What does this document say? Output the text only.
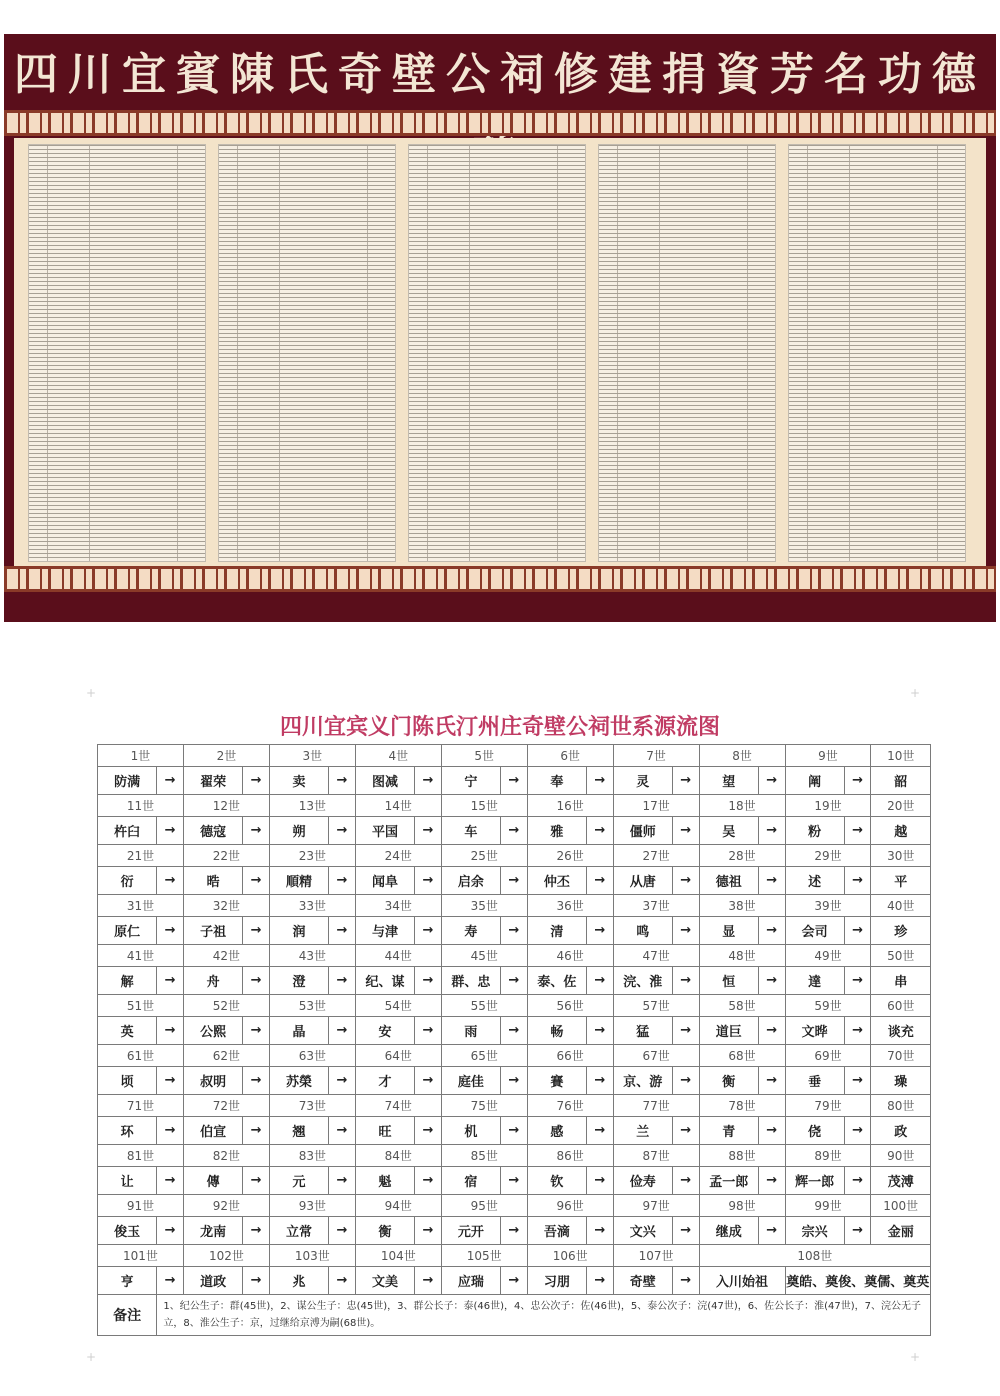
四川宜賓陳氏奇壁公祠修建捐資芳名功德
+	+
+	+
四川宜宾义门陈氏汀州庄奇壁公祠世系源流图
1世		2世		3世		4世		5世		6世		7世		8世		9世		10世
防满	→	翟荣	→	卖	→	图减	→	宁	→	奉	→	灵	→	望	→	阐	→	韶
11世		12世		13世		14世		15世		16世		17世		18世		19世		20世
杵臼	→	德寇	→	朔	→	平国	→	车	→	雅	→	僵师	→	吴	→	粉	→	越
21世		22世		23世		24世		25世		26世		27世		28世		29世		30世
衍	→	晧	→	順精	→	闻阜	→	启余	→	仲丕	→	从唐	→	德祖	→	述	→	平
31世		32世		33世		34世		35世		36世		37世		38世		39世		40世
原仁	→	子祖	→	润	→	与津	→	寿	→	清	→	鸣	→	显	→	会司	→	珍
41世		42世		43世		44世		45世		46世		47世		48世		49世		50世
解	→	舟	→	澄	→	纪、谋	→	群、忠	→	泰、佐	→	浣、淮	→	恒	→	達	→	串
51世		52世		53世		54世		55世		56世		57世		58世		59世		60世
英	→	公熙	→	晶	→	安	→	雨	→	畅	→	猛	→	道巨	→	文晔	→	谈充
61世		62世		63世		64世		65世		66世		67世		68世		69世		70世
顷	→	叔明	→	苏榮	→	才	→	庭佳	→	賽	→	京、游	→	衡	→	垂	→	璪
71世		72世		73世		74世		75世		76世		77世		78世		79世		80世
环	→	伯宣	→	翘	→	旺	→	机	→	感	→	兰	→	青	→	侥	→	政
81世		82世		83世		84世		85世		86世		87世		88世		89世		90世
让	→	傳	→	元	→	魁	→	宿	→	钦	→	俭寿	→	孟一郎	→	辉一郎	→	茂溥
91世		92世		93世		94世		95世		96世		97世		98世		99世		100世
俊玉	→	龙南	→	立常	→	衡	→	元开	→	吾滴	→	文兴	→	继成	→	宗兴	→	金丽
101世		102世		103世		104世		105世		106世		107世		108世				
亨	→	道政	→	兆	→	文美	→	应瑞	→	习朋	→	奇壁	→	入川始祖		奠皓、奠俊、奠儒、奠英		
备注	1、纪公生子：群(45世)，2、谋公生子：忠(45世)，3、群公长子：泰(46世)，4、忠公次子：佐(46世)，5、泰公次子：浣(47世)，6、佐公长子：淮(47世)，7、浣公无子立，8、淮公生子：京，过继给京溥为嗣(68世)。																	
